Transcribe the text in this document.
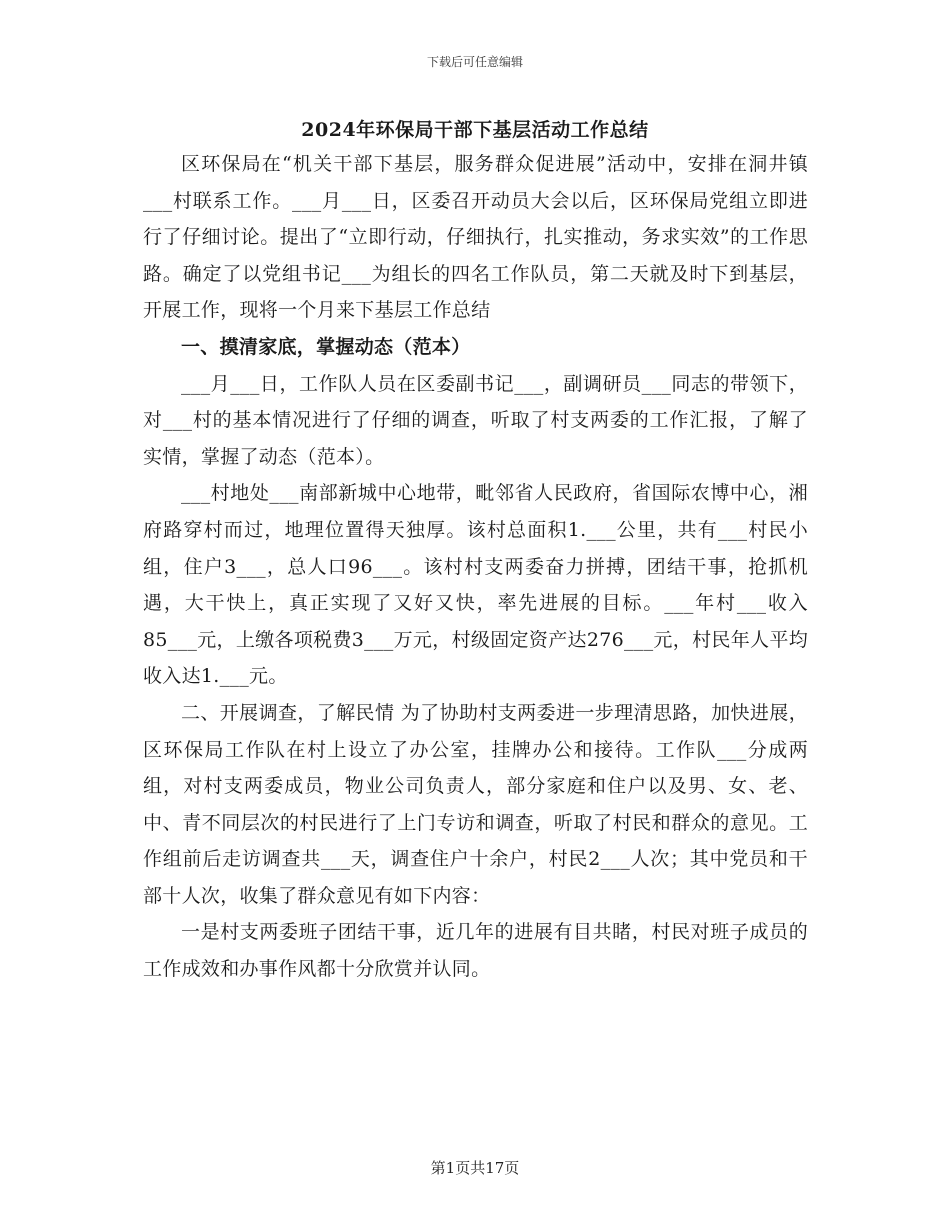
下载后可任意编辑
2024年环保局干部下基层活动工作总结

区环保局在“机关干部下基层，服务群众促进展”活动中，安排在洞井镇___村联系工作。___月___日，区委召开动员大会以后，区环保局党组立即进行了仔细讨论。提出了“立即行动，仔细执行，扎实推动，务求实效”的工作思路。确定了以党组书记___为组长的四名工作队员，第二天就及时下到基层，开展工作，现将一个月来下基层工作总结

一、摸清家底，掌握动态（范本）

___月___日，工作队人员在区委副书记___，副调研员___同志的带领下，对___村的基本情况进行了仔细的调查，听取了村支两委的工作汇报，了解了实情，掌握了动态（范本）。

___村地处___南部新城中心地带，毗邻省人民政府，省国际农博中心，湘府路穿村而过，地理位置得天独厚。该村总面积1.___公里，共有___村民小组，住户3___，总人口96___。该村村支两委奋力拼搏，团结干事，抢抓机遇，大干快上，真正实现了又好又快，率先进展的目标。___年村___收入85___元，上缴各项税费3___万元，村级固定资产达276___元，村民年人平均收入达1.___元。

二、开展调查，了解民情 为了协助村支两委进一步理清思路，加快进展，区环保局工作队在村上设立了办公室，挂牌办公和接待。工作队___分成两组，对村支两委成员，物业公司负责人，部分家庭和住户以及男、女、老、中、青不同层次的村民进行了上门专访和调查，听取了村民和群众的意见。工作组前后走访调查共___天，调查住户十余户，村民2___人次；其中党员和干部十人次，收集了群众意见有如下内容：

一是村支两委班子团结干事，近几年的进展有目共睹，村民对班子成员的工作成效和办事作风都十分欣赏并认同。

第1页共17页
